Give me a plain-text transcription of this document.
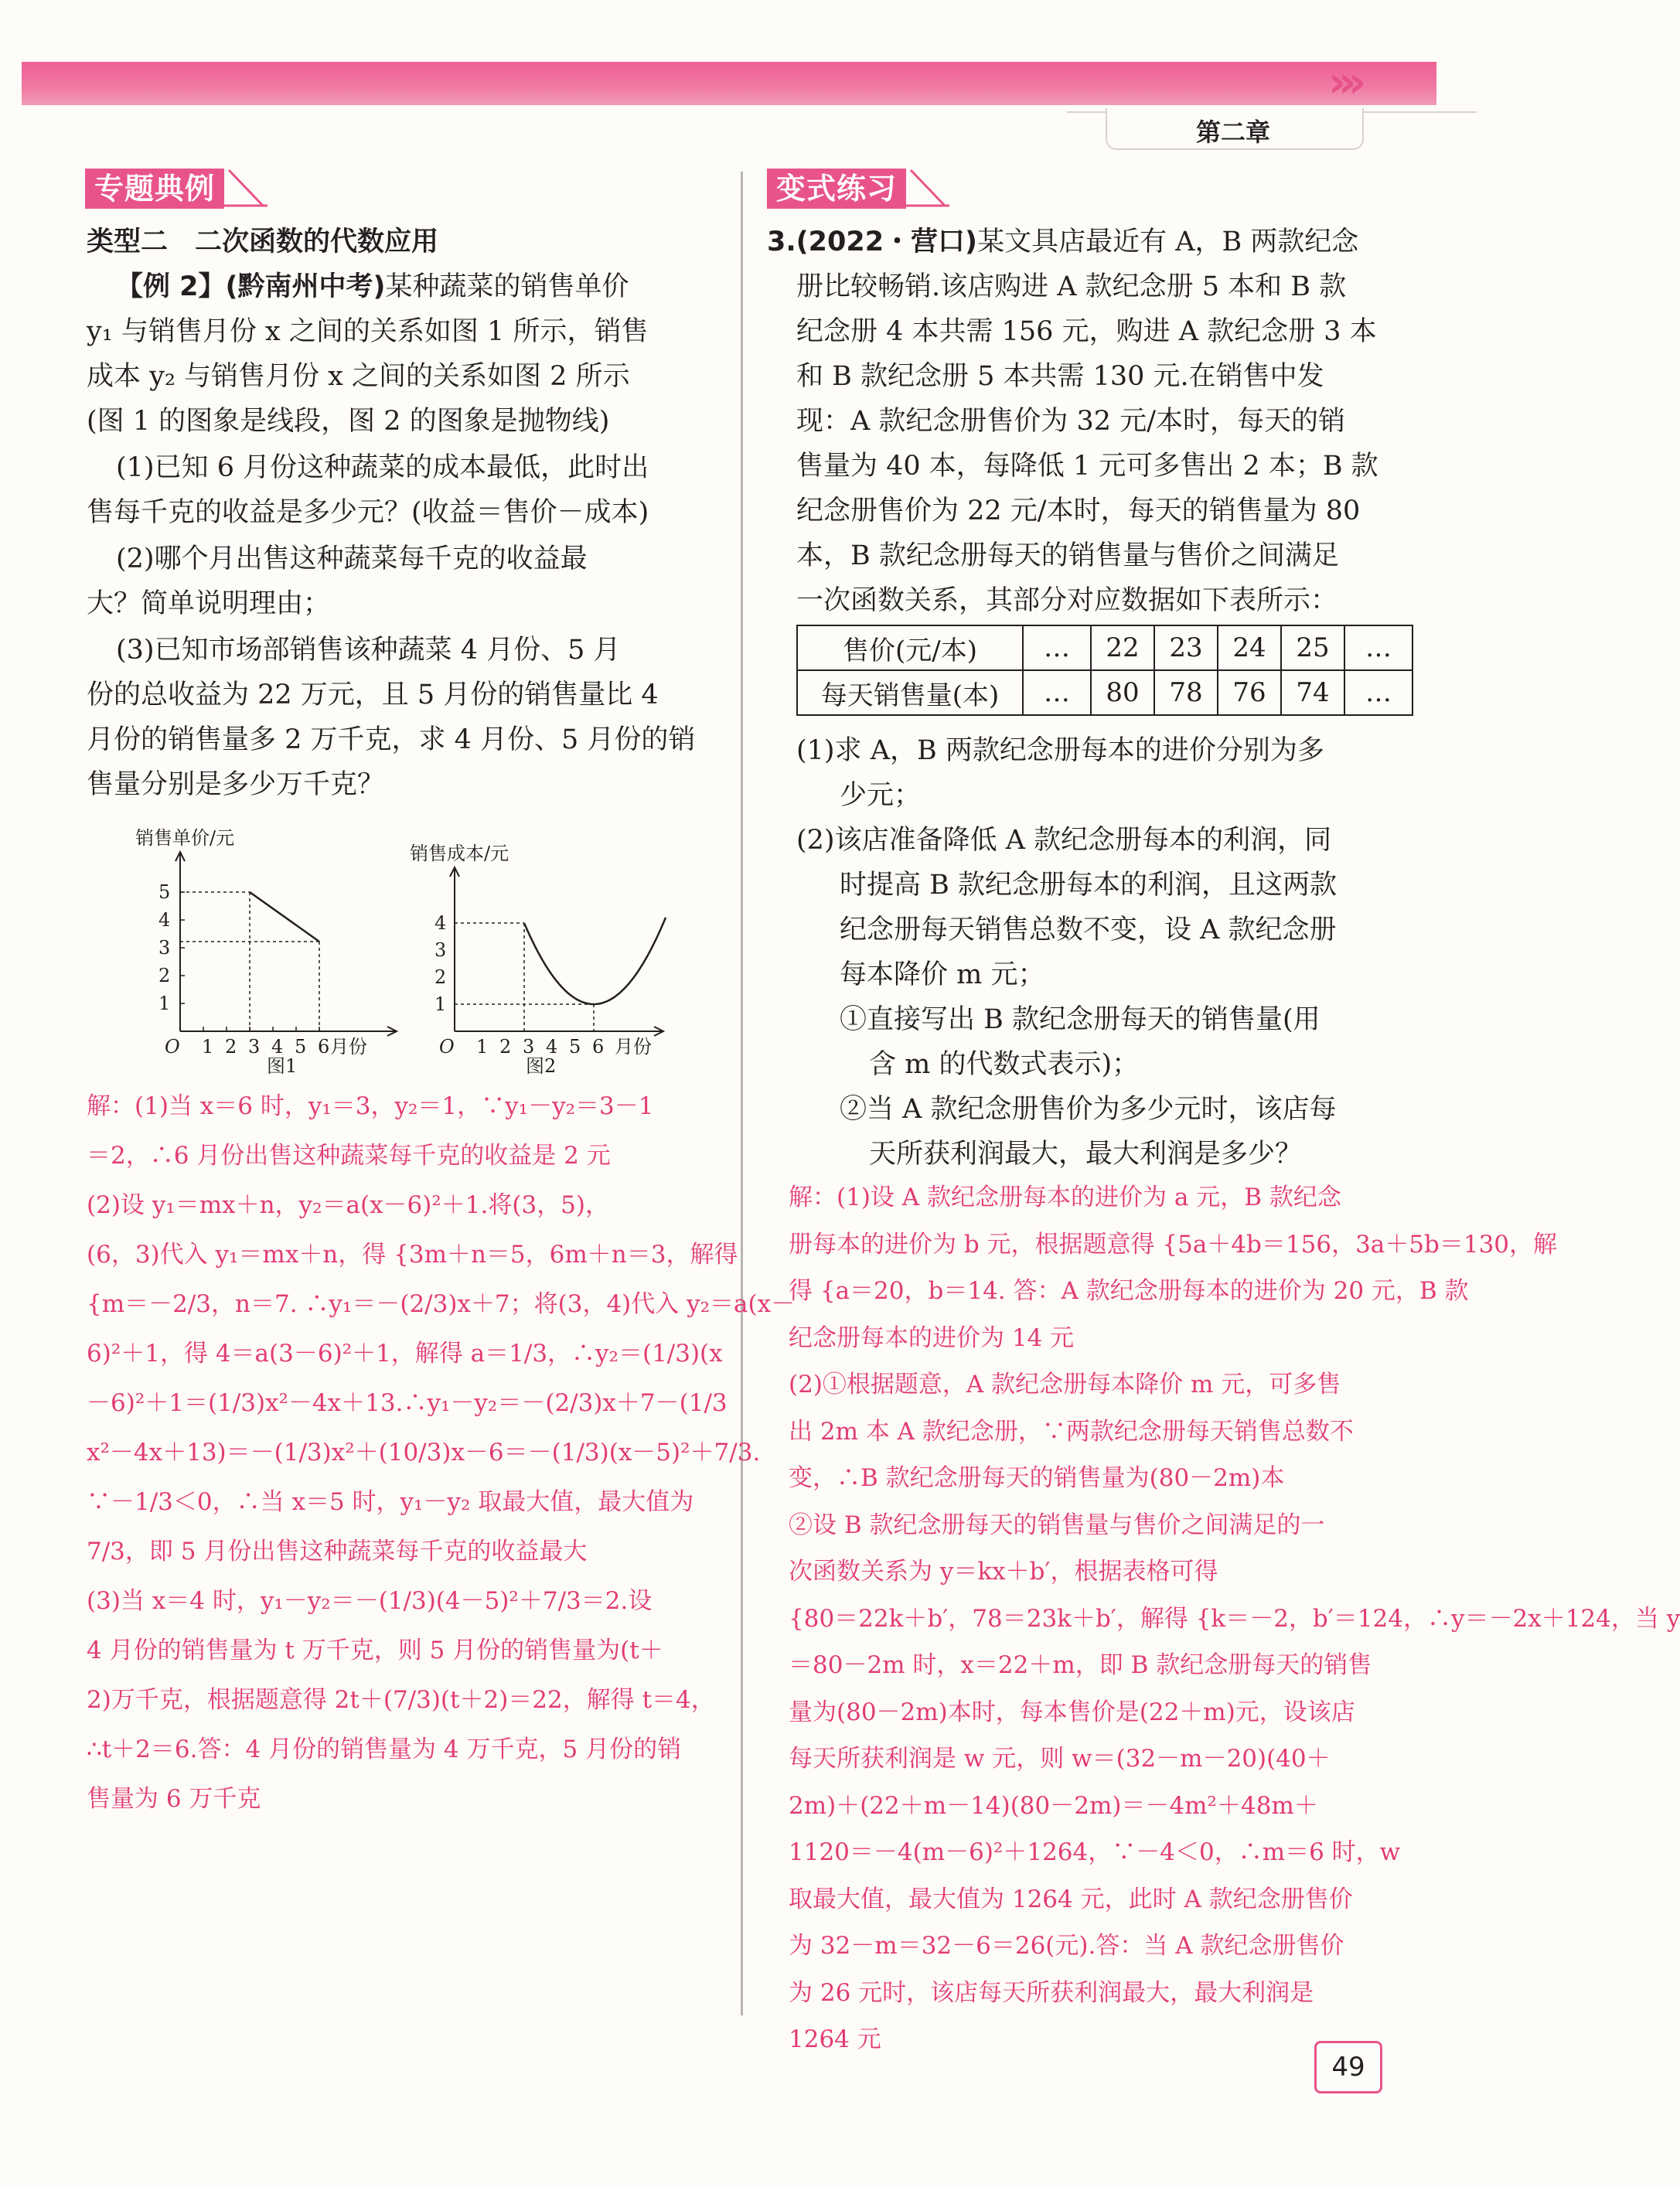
›››
第二章
专题典例
类型二　二次函数的代数应用
【例 2】(黔南州中考)某种蔬菜的销售单价
y₁ 与销售月份 x 之间的关系如图 1 所示，销售
成本 y₂ 与销售月份 x 之间的关系如图 2 所示
(图 1 的图象是线段，图 2 的图象是抛物线)
(1)已知 6 月份这种蔬菜的成本最低，此时出
售每千克的收益是多少元？(收益＝售价－成本)
(2)哪个月出售这种蔬菜每千克的收益最
大？简单说明理由；
(3)已知市场部销售该种蔬菜 4 月份、5 月
份的总收益为 22 万元，且 5 月份的销售量比 4
月份的销售量多 2 万千克，求 4 月份、5 月份的销
售量分别是多少万千克？
销售单价/元
O	月份
图1
1
2
3
4
5
1 2 3 4 5 6
销售成本/元
O	月份
图2
1
2
3
4
1 2 3 4 5 6
解：(1)当 x＝6 时，y₁＝3，y₂＝1，∵y₁－y₂＝3－1
＝2，∴6 月份出售这种蔬菜每千克的收益是 2 元
(2)设 y₁＝mx＋n，y₂＝a(x－6)²＋1.将(3，5)，
(6，3)代入 y₁＝mx＋n，得 {3m＋n＝5，6m＋n＝3，解得
{m＝－2/3，n＝7. ∴y₁＝－(2/3)x＋7；将(3，4)代入 y₂＝a(x－
6)²＋1，得 4＝a(3－6)²＋1，解得 a＝1/3，∴y₂＝(1/3)(x
－6)²＋1＝(1/3)x²－4x＋13.∴y₁－y₂＝－(2/3)x＋7－(1/3
x²－4x＋13)＝－(1/3)x²＋(10/3)x－6＝－(1/3)(x－5)²＋7/3.
∵－1/3＜0，∴当 x＝5 时，y₁－y₂ 取最大值，最大值为
7/3，即 5 月份出售这种蔬菜每千克的收益最大
(3)当 x＝4 时，y₁－y₂＝－(1/3)(4－5)²＋7/3＝2.设
4 月份的销售量为 t 万千克，则 5 月份的销售量为(t＋
2)万千克，根据题意得 2t＋(7/3)(t＋2)＝22，解得 t＝4，
∴t＋2＝6.答：4 月份的销售量为 4 万千克，5 月份的销
售量为 6 万千克
变式练习
3.(2022・营口)某文具店最近有 A，B 两款纪念
册比较畅销.该店购进 A 款纪念册 5 本和 B 款
纪念册 4 本共需 156 元，购进 A 款纪念册 3 本
和 B 款纪念册 5 本共需 130 元.在销售中发
现：A 款纪念册售价为 32 元/本时，每天的销
售量为 40 本，每降低 1 元可多售出 2 本；B 款
纪念册售价为 22 元/本时，每天的销售量为 80
本，B 款纪念册每天的销售量与售价之间满足
一次函数关系，其部分对应数据如下表所示：
售价(元/本)	…	22	23	24	25	…
每天销售量(本)	…	80	78	76	74	…
(1)求 A，B 两款纪念册每本的进价分别为多
少元；
(2)该店准备降低 A 款纪念册每本的利润，同
时提高 B 款纪念册每本的利润，且这两款
纪念册每天销售总数不变，设 A 款纪念册
每本降价 m 元；
①直接写出 B 款纪念册每天的销售量(用
含 m 的代数式表示)；
②当 A 款纪念册售价为多少元时，该店每
天所获利润最大，最大利润是多少？
解：(1)设 A 款纪念册每本的进价为 a 元，B 款纪念
册每本的进价为 b 元，根据题意得 {5a＋4b＝156，3a＋5b＝130，解
得 {a＝20，b＝14. 答：A 款纪念册每本的进价为 20 元，B 款
纪念册每本的进价为 14 元
(2)①根据题意，A 款纪念册每本降价 m 元，可多售
出 2m 本 A 款纪念册，∵两款纪念册每天销售总数不
变，∴B 款纪念册每天的销售量为(80－2m)本
②设 B 款纪念册每天的销售量与售价之间满足的一
次函数关系为 y＝kx＋b′，根据表格可得
{80＝22k＋b′，78＝23k＋b′，解得 {k＝－2，b′＝124，∴y＝－2x＋124，当 y
＝80－2m 时，x＝22＋m，即 B 款纪念册每天的销售
量为(80－2m)本时，每本售价是(22＋m)元，设该店
每天所获利润是 w 元，则 w＝(32－m－20)(40＋
2m)＋(22＋m－14)(80－2m)＝－4m²＋48m＋
1120＝－4(m－6)²＋1264，∵－4＜0，∴m＝6 时，w
取最大值，最大值为 1264 元，此时 A 款纪念册售价
为 32－m＝32－6＝26(元).答：当 A 款纪念册售价
为 26 元时，该店每天所获利润最大，最大利润是
1264 元
49
